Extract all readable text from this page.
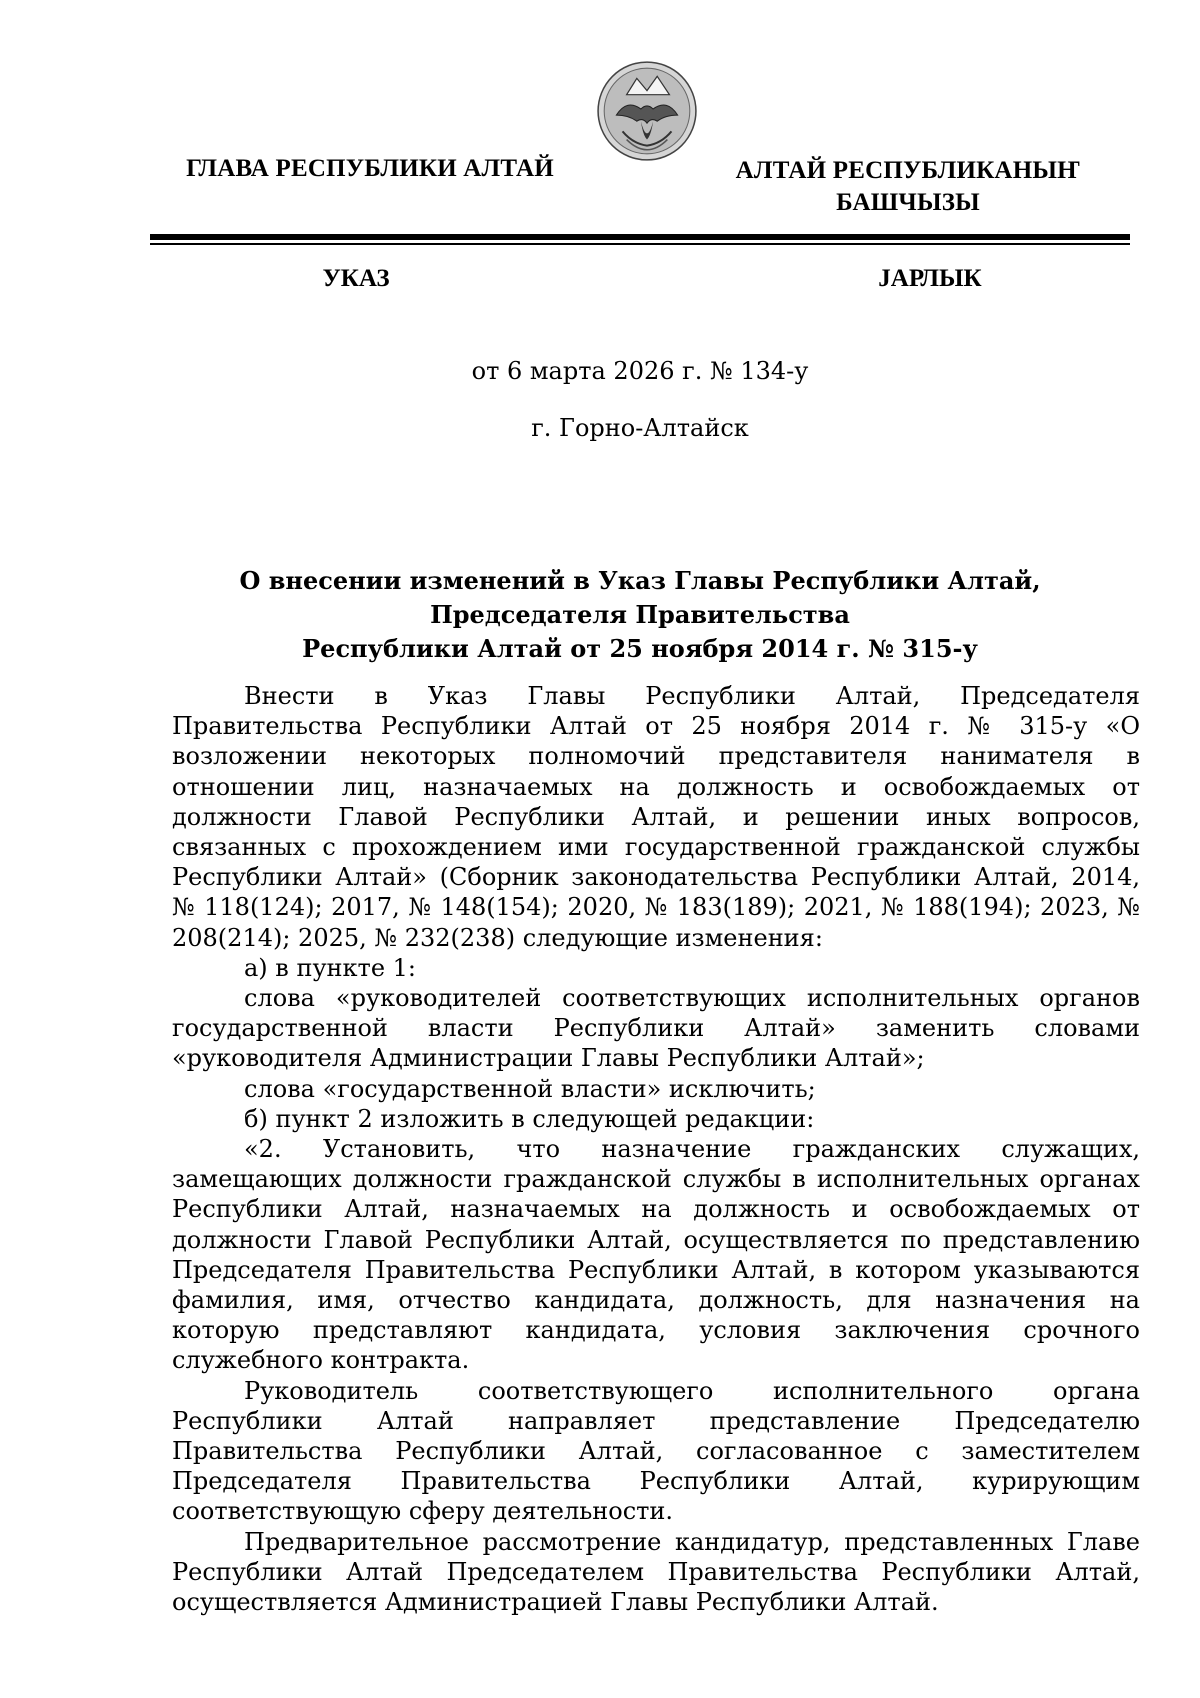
ГЛАВА РЕСПУБЛИКИ АЛТАЙ	АЛТАЙ РЕСПУБЛИКАНЫҤ
БАШЧЫЗЫ
УКАЗ	ЈАРЛЫК
от 6 марта 2026 г. № 134-у
г. Горно-Алтайск
О внесении изменений в Указ Главы Республики Алтай, Председателя Правительства
Республики Алтай от 25 ноября 2014 г. № 315-у

Внести в Указ Главы Республики Алтай, Председателя Правительства Республики Алтай от 25 ноября 2014 г. № 315-у «О возложении некоторых полномочий представителя нанимателя в отношении лиц, назначаемых на должность и освобождаемых от должности Главой Республики Алтай, и решении иных вопросов, связанных с прохождением ими государственной гражданской службы Республики Алтай» (Сборник законодательства Республики Алтай, 2014, № 118(124); 2017, № 148(154); 2020, № 183(189); 2021, № 188(194); 2023, № 208(214); 2025, № 232(238) следующие изменения:

а) в пункте 1:

слова «руководителей соответствующих исполнительных органов государственной власти Республики Алтай» заменить словами «руководителя Администрации Главы Республики Алтай»;

слова «государственной власти» исключить;

б) пункт 2 изложить в следующей редакции:

«2. Установить, что назначение гражданских служащих, замещающих должности гражданской службы в исполнительных органах Республики Алтай, назначаемых на должность и освобождаемых от должности Главой Республики Алтай, осуществляется по представлению Председателя Правительства Республики Алтай, в котором указываются фамилия, имя, отчество кандидата, должность, для назначения на которую представляют кандидата, условия заключения срочного служебного контракта.

Руководитель соответствующего исполнительного органа Республики Алтай направляет представление Председателю Правительства Республики Алтай, согласованное с заместителем Председателя Правительства Республики Алтай, курирующим соответствующую сферу деятельности.

Предварительное рассмотрение кандидатур, представленных Главе Республики Алтай Председателем Правительства Республики Алтай, осуществляется Администрацией Главы Республики Алтай.
